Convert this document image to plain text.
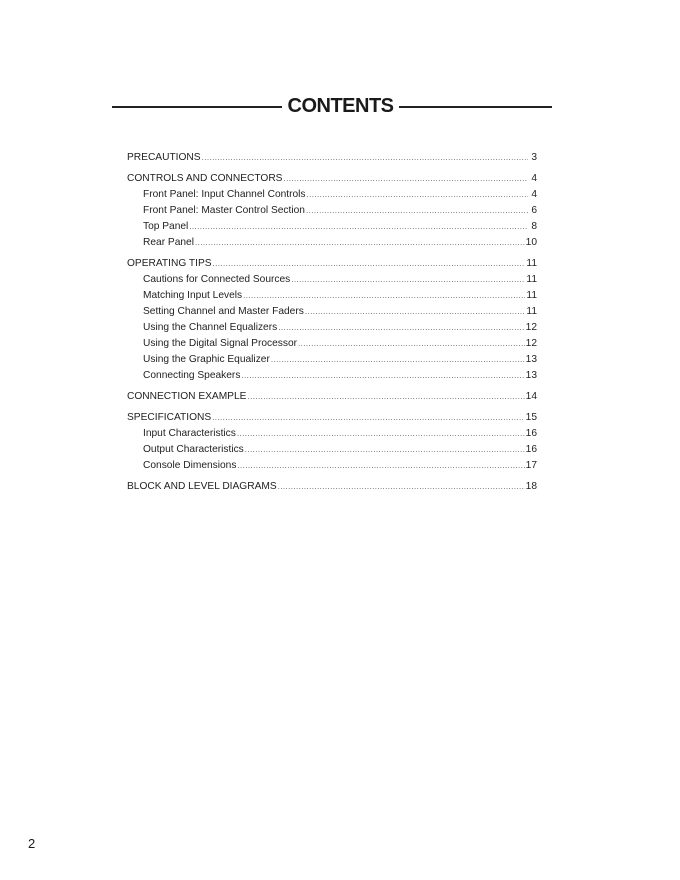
CONTENTS
PRECAUTIONS .....	3
CONTROLS AND CONNECTORS .....	4
Front Panel: Input Channel Controls .....	4
Front Panel: Master Control Section .....	6
Top Panel .....	8
Rear Panel .....	10
OPERATING TIPS .....	11
Cautions for Connected Sources .....	11
Matching Input Levels .....	11
Setting Channel and Master Faders .....	11
Using the Channel Equalizers .....	12
Using the Digital Signal Processor .....	12
Using the Graphic Equalizer .....	13
Connecting Speakers .....	13
CONNECTION EXAMPLE .....	14
SPECIFICATIONS .....	15
Input Characteristics .....	16
Output Characteristics .....	16
Console Dimensions .....	17
BLOCK AND LEVEL DIAGRAMS .....	18
2
